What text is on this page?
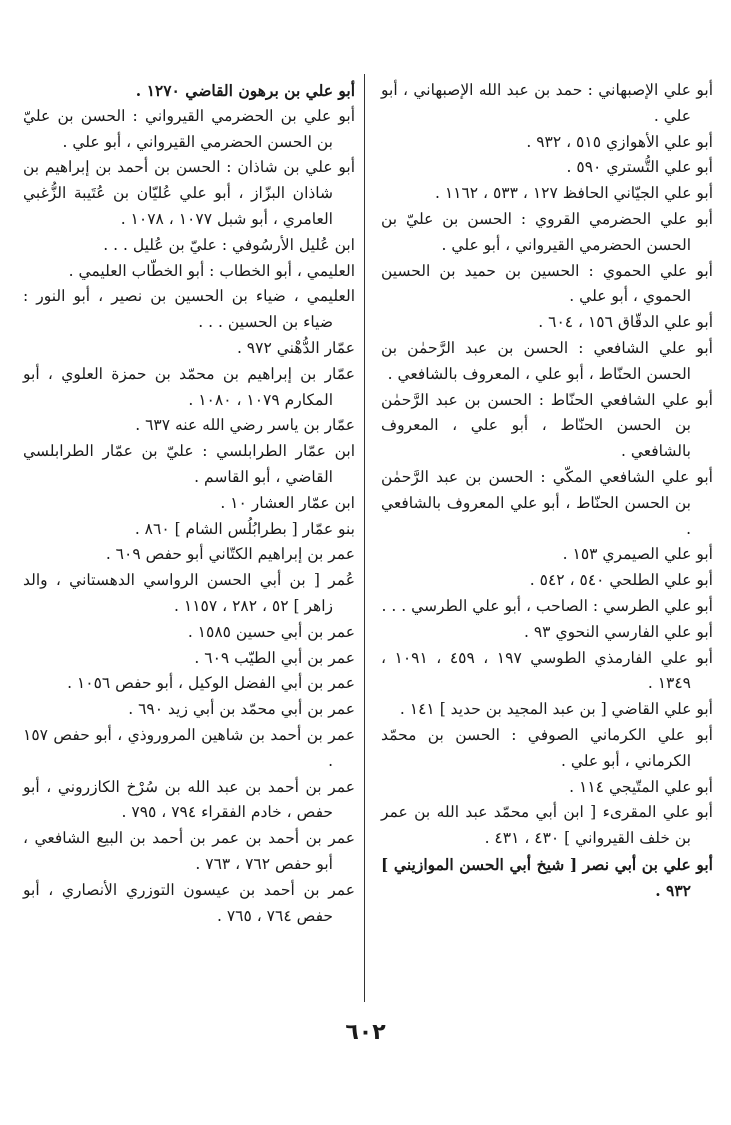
أبو علي الإصبهاني : حمد بن عبد الله الإصبهاني ، أبو علي .

أبو علي الأهوازي ٥١٥ ، ٩٣٢ .

أبو علي التُّستري ٥٩٠ .

أبو علي الجيّاني الحافظ ١٢٧ ، ٥٣٣ ، ١١٦٢ .

أبو علي الحضرمي القروي : الحسن بن عليّ بن الحسن الحضرمي القيرواني ، أبو علي .

أبو علي الحموي : الحسين بن حميد بن الحسين الحموي ، أبو علي .

أبو علي الدقّاق ١٥٦ ، ٦٠٤ .

أبو علي الشافعي : الحسن بن عبد الرَّحمٰن بن الحسن الحنّاط ، أبو علي ، المعروف بالشافعي .

أبو علي الشافعي الحنّاط : الحسن بن عبد الرَّحمٰن بن الحسن الحنّاط ، أبو علي ، المعروف بالشافعي .

أبو علي الشافعي المكّي : الحسن بن عبد الرَّحمٰن بن الحسن الحنّاط ، أبو علي المعروف بالشافعي .

أبو علي الصيمري ١٥٣ .

أبو علي الطلحي ٥٤٠ ، ٥٤٢ .

أبو علي الطرسي : الصاحب ، أبو علي الطرسي . . .

أبو علي الفارسي النحوي ٩٣ .

أبو علي الفارمذي الطوسي ١٩٧ ، ٤٥٩ ، ١٠٩١ ، ١٣٤٩ .

أبو علي القاضي [ بن عبد المجيد بن حديد ] ١٤١ .

أبو علي الكرماني الصوفي : الحسن بن محمّد الكرماني ، أبو علي .

أبو علي المتّيجي ١١٤ .

أبو علي المقرىء [ ابن أبي محمّد عبد الله بن عمر بن خلف القيرواني ] ٤٣٠ ، ٤٣١ .

أبو علي بن أبي نصر [ شيخ أبي الحسن الموازيني ] ٩٣٢ .

أبو علي بن برهون القاضي ١٢٧٠ .

أبو علي بن الحضرمي القيرواني : الحسن بن عليّ بن الحسن الحضرمي القيرواني ، أبو علي .

أبو علي بن شاذان : الحسن بن أحمد بن إبراهيم بن شاذان البزّاز ، أبو علي عُليّان بن عُتَيبة الزُّغبي العامري ، أبو شبل ١٠٧٧ ، ١٠٧٨ .

ابن عُليل الأرسُوفي : عليّ بن عُليل . . .

العليمي ، أبو الخطاب : أبو الخطّاب العليمي .

العليمي ، ضياء بن الحسين بن نصير ، أبو النور : ضياء بن الحسين . . .

عمّار الدُّهْني ٩٧٢ .

عمّار بن إبراهيم بن محمّد بن حمزة العلوي ، أبو المكارم ١٠٧٩ ، ١٠٨٠ .

عمّار بن ياسر رضي الله عنه ٦٣٧ .

ابن عمّار الطرابلسي : عليّ بن عمّار الطرابلسي القاضي ، أبو القاسم .

ابن عمّار العشار ١٠ .

بنو عمّار [ بطرابُلُس الشام ] ٨٦٠ .

عمر بن إبراهيم الكتّاني أبو حفص ٦٠٩ .

عُمر [ بن أبي الحسن الرواسي الدهستاني ، والد زاهر ] ٥٢ ، ٢٨٢ ، ١١٥٧ .

عمر بن أبي حسين ١٥٨٥ .

عمر بن أبي الطيّب ٦٠٩ .

عمر بن أبي الفضل الوكيل ، أبو حفص ١٠٥٦ .

عمر بن أبي محمّد بن أبي زيد ٦٩٠ .

عمر بن أحمد بن شاهين المروروذي ، أبو حفص ١٥٧ .

عمر بن أحمد بن عبد الله بن سُرْخ الكازروني ، أبو حفص ، خادم الفقراء ٧٩٤ ، ٧٩٥ .

عمر بن أحمد بن عمر بن أحمد بن البيع الشافعي ، أبو حفص ٧٦٢ ، ٧٦٣ .

عمر بن أحمد بن عيسون التوزري الأنصاري ، أبو حفص ٧٦٤ ، ٧٦٥ .

٦٠٢
